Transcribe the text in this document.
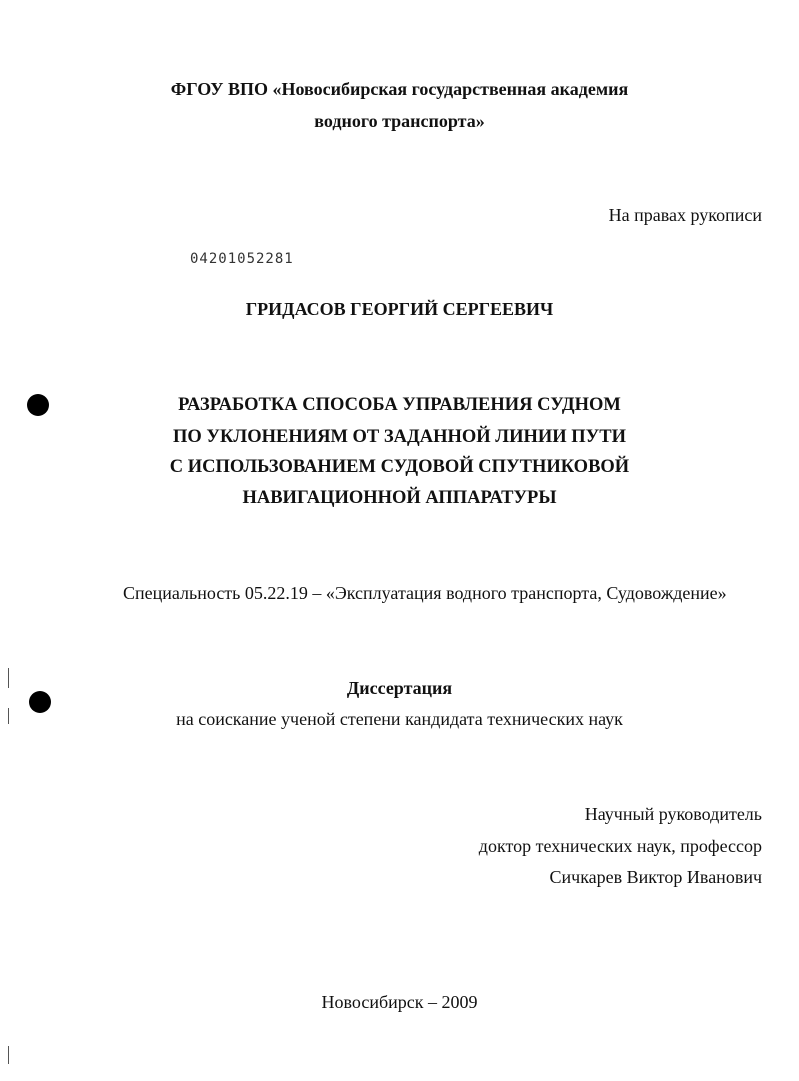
ФГОУ ВПО «Новосибирская государственная академия
водного транспорта»
На правах рукописи
04201052281
ГРИДАСОВ ГЕОРГИЙ СЕРГЕЕВИЧ
РАЗРАБОТКА СПОСОБА УПРАВЛЕНИЯ СУДНОМ
ПО УКЛОНЕНИЯМ ОТ ЗАДАННОЙ ЛИНИИ ПУТИ
С ИСПОЛЬЗОВАНИЕМ СУДОВОЙ СПУТНИКОВОЙ
НАВИГАЦИОННОЙ АППАРАТУРЫ
Специальность 05.22.19 – «Эксплуатация водного транспорта, Судовождение»
Диссертация
на соискание ученой степени кандидата технических наук
Научный руководитель
доктор технических наук, профессор
Сичкарев Виктор Иванович
Новосибирск – 2009
